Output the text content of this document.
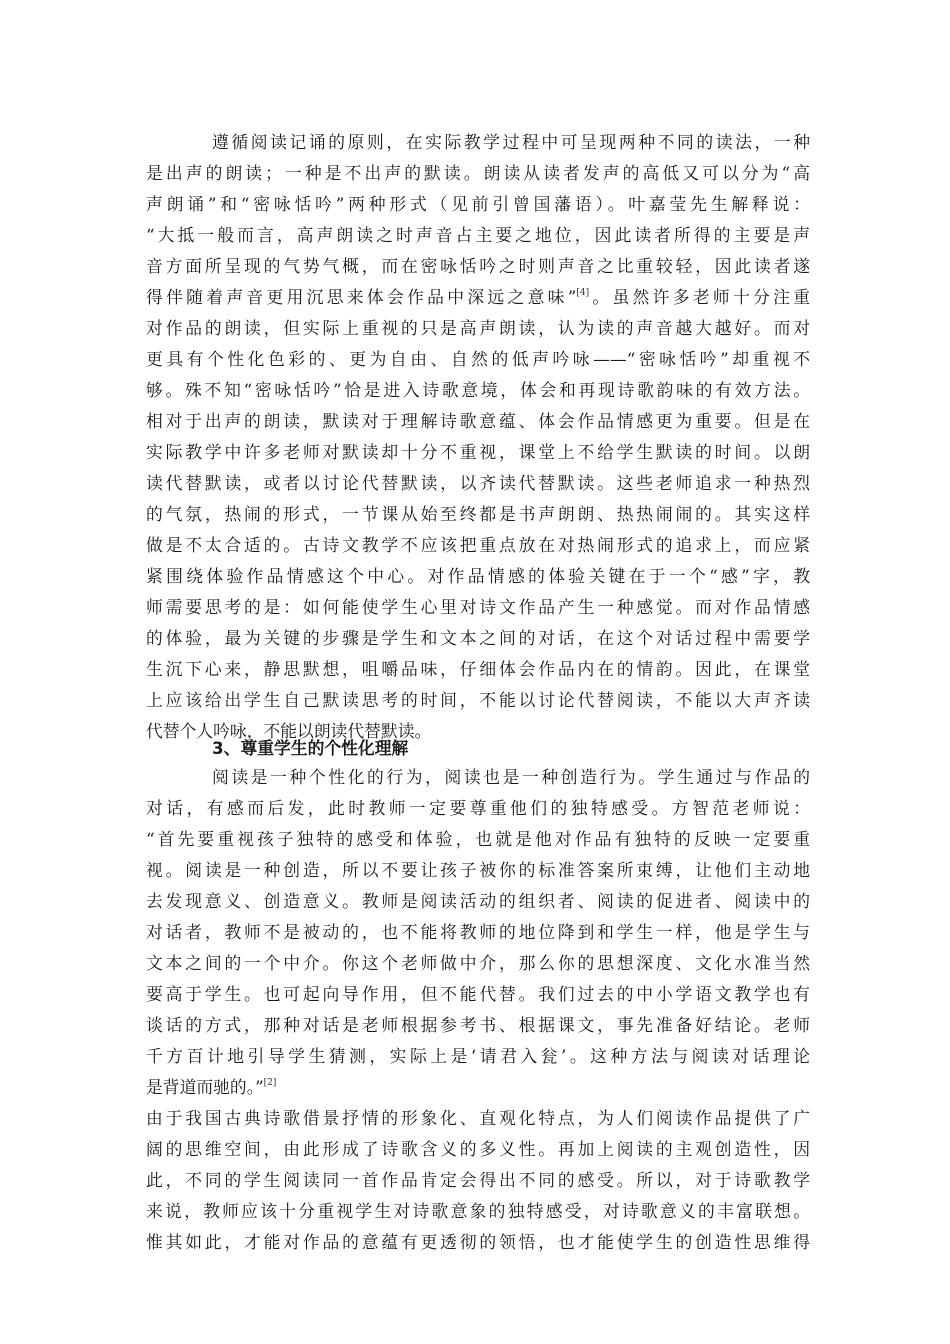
遵循阅读记诵的原则，在实际教学过程中可呈现两种不同的读法，一种
是出声的朗读；一种是不出声的默读。朗读从读者发声的高低又可以分为“高
声朗诵”和“密咏恬吟”两种形式（见前引曾国藩语）。叶嘉莹先生解释说：
“大抵一般而言，高声朗读之时声音占主要之地位，因此读者所得的主要是声
音方面所呈现的气势气概，而在密咏恬吟之时则声音之比重较轻，因此读者遂
得伴随着声音更用沉思来体会作品中深远之意味”[4]。虽然许多老师十分注重
对作品的朗读，但实际上重视的只是高声朗读，认为读的声音越大越好。而对
更具有个性化色彩的、更为自由、自然的低声吟咏——“密咏恬吟”却重视不
够。殊不知“密咏恬吟”恰是进入诗歌意境，体会和再现诗歌韵味的有效方法。
相对于出声的朗读，默读对于理解诗歌意蕴、体会作品情感更为重要。但是在
实际教学中许多老师对默读却十分不重视，课堂上不给学生默读的时间。以朗
读代替默读，或者以讨论代替默读，以齐读代替默读。这些老师追求一种热烈
的气氛，热闹的形式，一节课从始至终都是书声朗朗、热热闹闹的。其实这样
做是不太合适的。古诗文教学不应该把重点放在对热闹形式的追求上，而应紧
紧围绕体验作品情感这个中心。对作品情感的体验关键在于一个“感”字，教
师需要思考的是：如何能使学生心里对诗文作品产生一种感觉。而对作品情感
的体验，最为关键的步骤是学生和文本之间的对话，在这个对话过程中需要学
生沉下心来，静思默想，咀嚼品味，仔细体会作品内在的情韵。因此，在课堂
上应该给出学生自己默读思考的时间，不能以讨论代替阅读，不能以大声齐读
代替个人吟咏，不能以朗读代替默读。
3、尊重学生的个性化理解
阅读是一种个性化的行为，阅读也是一种创造行为。学生通过与作品的
对话，有感而后发，此时教师一定要尊重他们的独特感受。方智范老师说：
“首先要重视孩子独特的感受和体验，也就是他对作品有独特的反映一定要重
视。阅读是一种创造，所以不要让孩子被你的标准答案所束缚，让他们主动地
去发现意义、创造意义。教师是阅读活动的组织者、阅读的促进者、阅读中的
对话者，教师不是被动的，也不能将教师的地位降到和学生一样，他是学生与
文本之间的一个中介。你这个老师做中介，那么你的思想深度、文化水准当然
要高于学生。也可起向导作用，但不能代替。我们过去的中小学语文教学也有
谈话的方式，那种对话是老师根据参考书、根据课文，事先准备好结论。老师
千方百计地引导学生猜测，实际上是‘请君入瓮’。这种方法与阅读对话理论
是背道而驰的。”[2]
由于我国古典诗歌借景抒情的形象化、直观化特点，为人们阅读作品提供了广
阔的思维空间，由此形成了诗歌含义的多义性。再加上阅读的主观创造性，因
此，不同的学生阅读同一首作品肯定会得出不同的感受。所以，对于诗歌教学
来说，教师应该十分重视学生对诗歌意象的独特感受，对诗歌意义的丰富联想。
惟其如此，才能对作品的意蕴有更透彻的领悟，也才能使学生的创造性思维得
